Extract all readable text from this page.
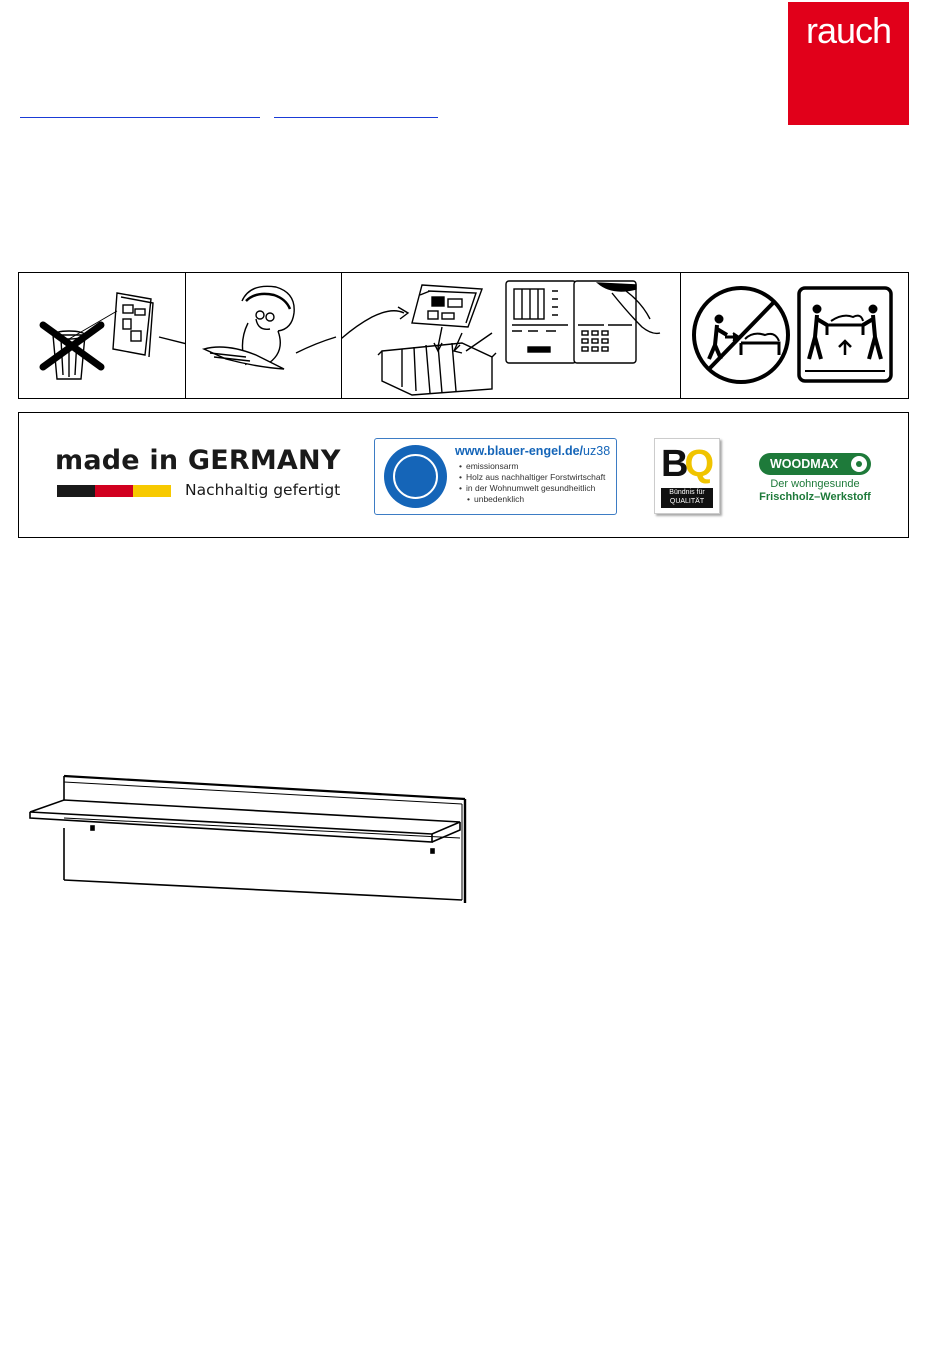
rauch
made in GERMANY
Nachhaltig gefertigt
www.blauer-engel.de/uz38
• emissionsarm
• Holz aus nachhaltiger Forstwirtschaft
• in der Wohnumwelt gesundheitlich
• unbedenklich
BQ
Bündnis für
QUALITÄT
WOODMAX
Der wohngesunde
Frischholz–Werkstoff
